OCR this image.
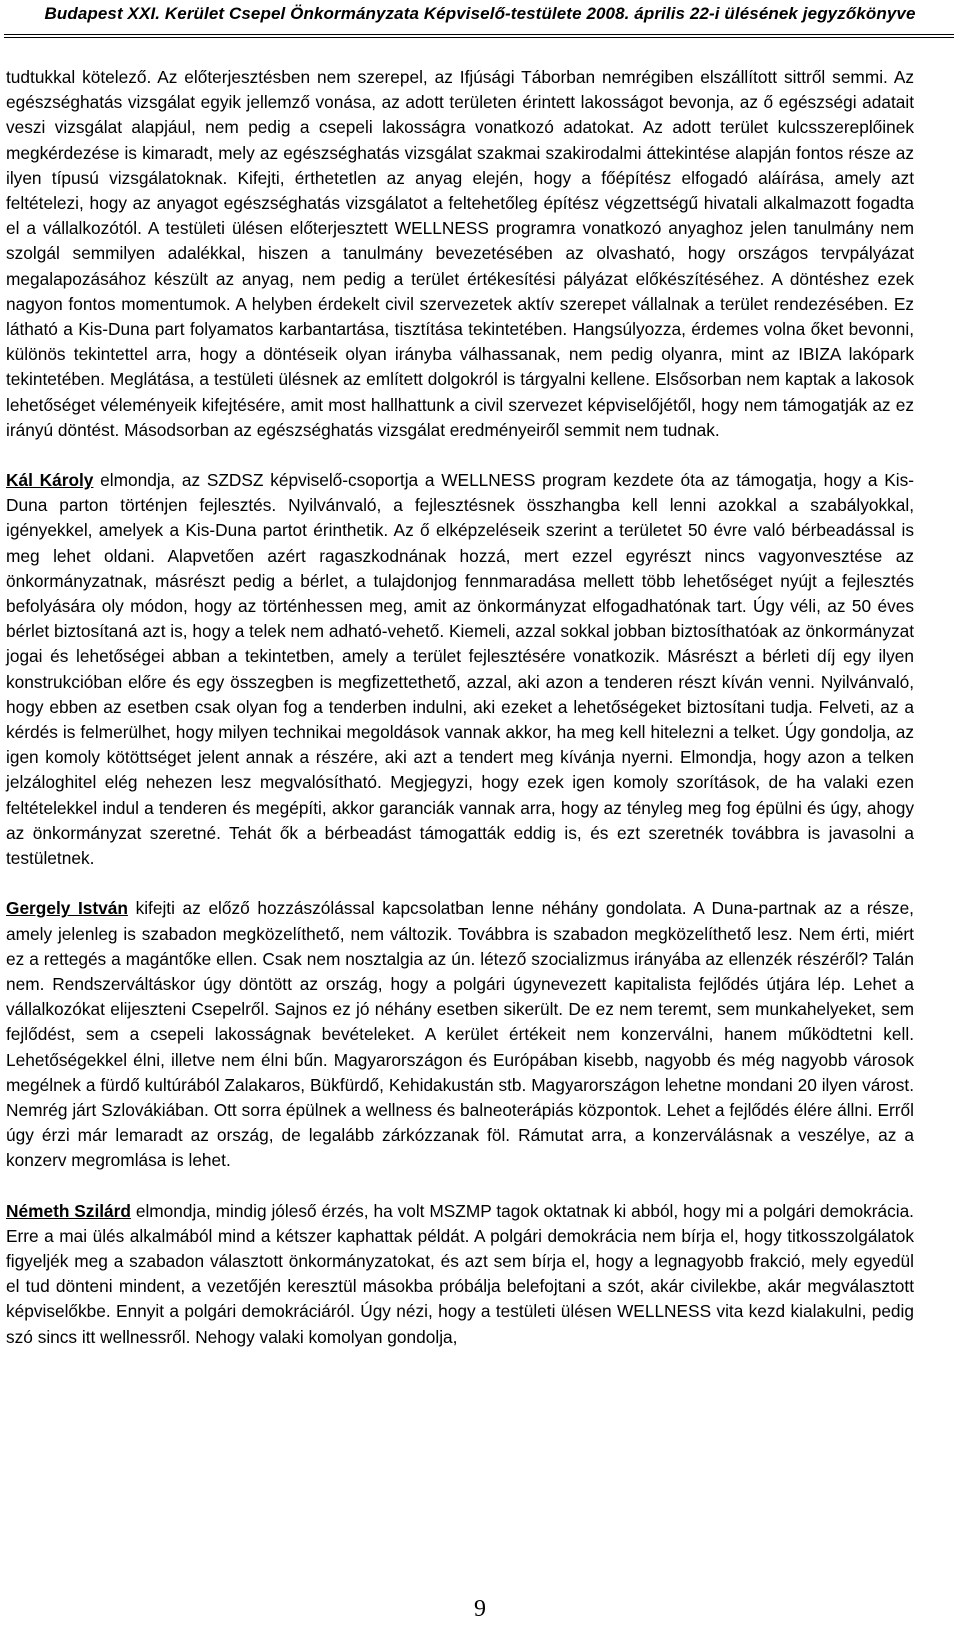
Budapest XXI. Kerület Csepel Önkormányzata Képviselő-testülete 2008. április 22-i ülésének jegyzőkönyve

tudtukkal kötelező. Az előterjesztésben nem szerepel, az Ifjúsági Táborban nemrégiben elszállított sittről semmi. Az egészséghatás vizsgálat egyik jellemző vonása, az adott területen érintett lakosságot bevonja, az ő egészségi adatait veszi vizsgálat alapjául, nem pedig a csepeli lakosságra vonatkozó adatokat. Az adott terület kulcsszereplőinek megkérdezése is kimaradt, mely az egészséghatás vizsgálat szakmai szakirodalmi áttekintése alapján fontos része az ilyen típusú vizsgálatoknak. Kifejti, érthetetlen az anyag elején, hogy a főépítész elfogadó aláírása, amely azt feltételezi, hogy az anyagot egészséghatás vizsgálatot a feltehetőleg építész végzettségű hivatali alkalmazott fogadta el a vállalkozótól. A testületi ülésen előterjesztett WELLNESS programra vonatkozó anyaghoz jelen tanulmány nem szolgál semmilyen adalékkal, hiszen a tanulmány bevezetésében az olvasható, hogy országos tervpályázat megalapozásához készült az anyag, nem pedig a terület értékesítési pályázat előkészítéséhez. A döntéshez ezek nagyon fontos momentumok. A helyben érdekelt civil szervezetek aktív szerepet vállalnak a terület rendezésében. Ez látható a Kis-Duna part folyamatos karbantartása, tisztítása tekintetében. Hangsúlyozza, érdemes volna őket bevonni, különös tekintettel arra, hogy a döntéseik olyan irányba válhassanak, nem pedig olyanra, mint az IBIZA lakópark tekintetében. Meglátása, a testületi ülésnek az említett dolgokról is tárgyalni kellene. Elsősorban nem kaptak a lakosok lehetőséget véleményeik kifejtésére, amit most hallhattunk a civil szervezet képviselőjétől, hogy nem támogatják az ez irányú döntést. Másodsorban az egészséghatás vizsgálat eredményeiről semmit nem tudnak.

Kál Károly elmondja, az SZDSZ képviselő-csoportja a WELLNESS program kezdete óta az támogatja, hogy a Kis-Duna parton történjen fejlesztés. Nyilvánvaló, a fejlesztésnek összhangba kell lenni azokkal a szabályokkal, igényekkel, amelyek a Kis-Duna partot érinthetik. Az ő elképzeléseik szerint a területet 50 évre való bérbeadással is meg lehet oldani. Alapvetően azért ragaszkodnának hozzá, mert ezzel egyrészt nincs vagyonvesztése az önkormányzatnak, másrészt pedig a bérlet, a tulajdonjog fennmaradása mellett több lehetőséget nyújt a fejlesztés befolyására oly módon, hogy az történhessen meg, amit az önkormányzat elfogadhatónak tart. Úgy véli, az 50 éves bérlet biztosítaná azt is, hogy a telek nem adható-vehető. Kiemeli, azzal sokkal jobban biztosíthatóak az önkormányzat jogai és lehetőségei abban a tekintetben, amely a terület fejlesztésére vonatkozik. Másrészt a bérleti díj egy ilyen konstrukcióban előre és egy összegben is megfizettethető, azzal, aki azon a tenderen részt kíván venni. Nyilvánvaló, hogy ebben az esetben csak olyan fog a tenderben indulni, aki ezeket a lehetőségeket biztosítani tudja. Felveti, az a kérdés is felmerülhet, hogy milyen technikai megoldások vannak akkor, ha meg kell hitelezni a telket. Úgy gondolja, az igen komoly kötöttséget jelent annak a részére, aki azt a tendert meg kívánja nyerni. Elmondja, hogy azon a telken jelzáloghitel elég nehezen lesz megvalósítható. Megjegyzi, hogy ezek igen komoly szorítások, de ha valaki ezen feltételekkel indul a tenderen és megépíti, akkor garanciák vannak arra, hogy az tényleg meg fog épülni és úgy, ahogy az önkormányzat szeretné. Tehát ők a bérbeadást támogatták eddig is, és ezt szeretnék továbbra is javasolni a testületnek.

Gergely István kifejti az előző hozzászólással kapcsolatban lenne néhány gondolata. A Duna-partnak az a része, amely jelenleg is szabadon megközelíthető, nem változik. Továbbra is szabadon megközelíthető lesz. Nem érti, miért ez a rettegés a magántőke ellen. Csak nem nosztalgia az ún. létező szocializmus irányába az ellenzék részéről? Talán nem. Rendszerváltáskor úgy döntött az ország, hogy a polgári úgynevezett kapitalista fejlődés útjára lép. Lehet a vállalkozókat elijeszteni Csepelről. Sajnos ez jó néhány esetben sikerült. De ez nem teremt, sem munkahelyeket, sem fejlődést, sem a csepeli lakosságnak bevételeket. A kerület értékeit nem konzerválni, hanem működtetni kell. Lehetőségekkel élni, illetve nem élni bűn. Magyarországon és Európában kisebb, nagyobb és még nagyobb városok megélnek a fürdő kultúrából Zalakaros, Bükfürdő, Kehidakustán stb. Magyarországon lehetne mondani 20 ilyen várost. Nemrég járt Szlovákiában. Ott sorra épülnek a wellness és balneoterápiás központok. Lehet a fejlődés élére állni. Erről úgy érzi már lemaradt az ország, de legalább zárkózzanak föl. Rámutat arra, a konzerválásnak a veszélye, az a konzerv megromlása is lehet.

Németh Szilárd elmondja, mindig jóleső érzés, ha volt MSZMP tagok oktatnak ki abból, hogy mi a polgári demokrácia. Erre a mai ülés alkalmából mind a kétszer kaphattak példát. A polgári demokrácia nem bírja el, hogy titkosszolgálatok figyeljék meg a szabadon választott önkormányzatokat, és azt sem bírja el, hogy a legnagyobb frakció, mely egyedül el tud dönteni mindent, a vezetőjén keresztül másokba próbálja belefojtani a szót, akár civilekbe, akár megválasztott képviselőkbe. Ennyit a polgári demokráciáról. Úgy nézi, hogy a testületi ülésen WELLNESS vita kezd kialakulni, pedig szó sincs itt wellnessről. Nehogy valaki komolyan gondolja,

9
